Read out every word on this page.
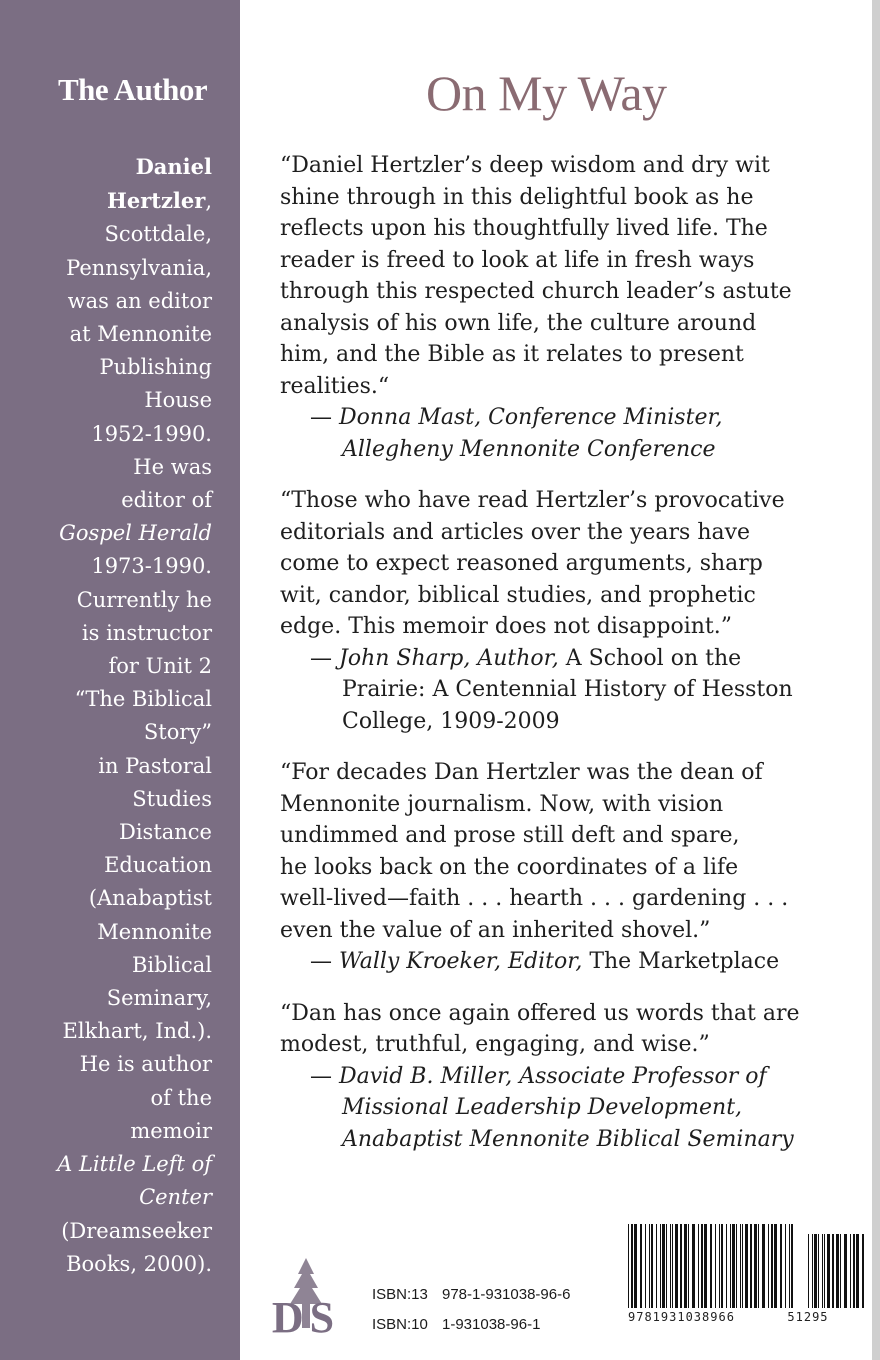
The Author
Daniel
Hertzler,
Scottdale,
Pennsylvania,
was an editor
at Mennonite
Publishing
House
1952-1990.
He was
editor of
Gospel Herald
1973-1990.
Currently he
is instructor
for Unit 2
“The Biblical
Story”
in Pastoral
Studies
Distance
Education
(Anabaptist
Mennonite
Biblical
Seminary,
Elkhart, Ind.).
He is author
of the
memoir
A Little Left of
Center
(Dreamseeker
Books, 2000).
On My Way
“Daniel Hertzler’s deep wisdom and dry wit
shine through in this delightful book as he
reflects upon his thoughtfully lived life. The
reader is freed to look at life in fresh ways
through this respected church leader’s astute
analysis of his own life, the culture around
him, and the Bible as it relates to present
realities.“
— Donna Mast, Conference Minister,
Allegheny Mennonite Conference
“Those who have read Hertzler’s provocative
editorials and articles over the years have
come to expect reasoned arguments, sharp
wit, candor, biblical studies, and prophetic
edge. This memoir does not disappoint.”
— John Sharp, Author, A School on the
Prairie: A Centennial History of Hesston
College, 1909-2009
“For decades Dan Hertzler was the dean of
Mennonite journalism. Now, with vision
undimmed and prose still deft and spare,
he looks back on the coordinates of a life
well-lived—faith . . . hearth . . . gardening . . .
even the value of an inherited shovel.”
— Wally Kroeker, Editor, The Marketplace
“Dan has once again offered us words that are
modest, truthful, engaging, and wise.”
— David B. Miller, Associate Professor of
Missional Leadership Development,
Anabaptist Mennonite Biblical Seminary
DS ISBN:13 978-1-931038-96-6
ISBN:10 1-931038-96-1	9781931038966	51295
